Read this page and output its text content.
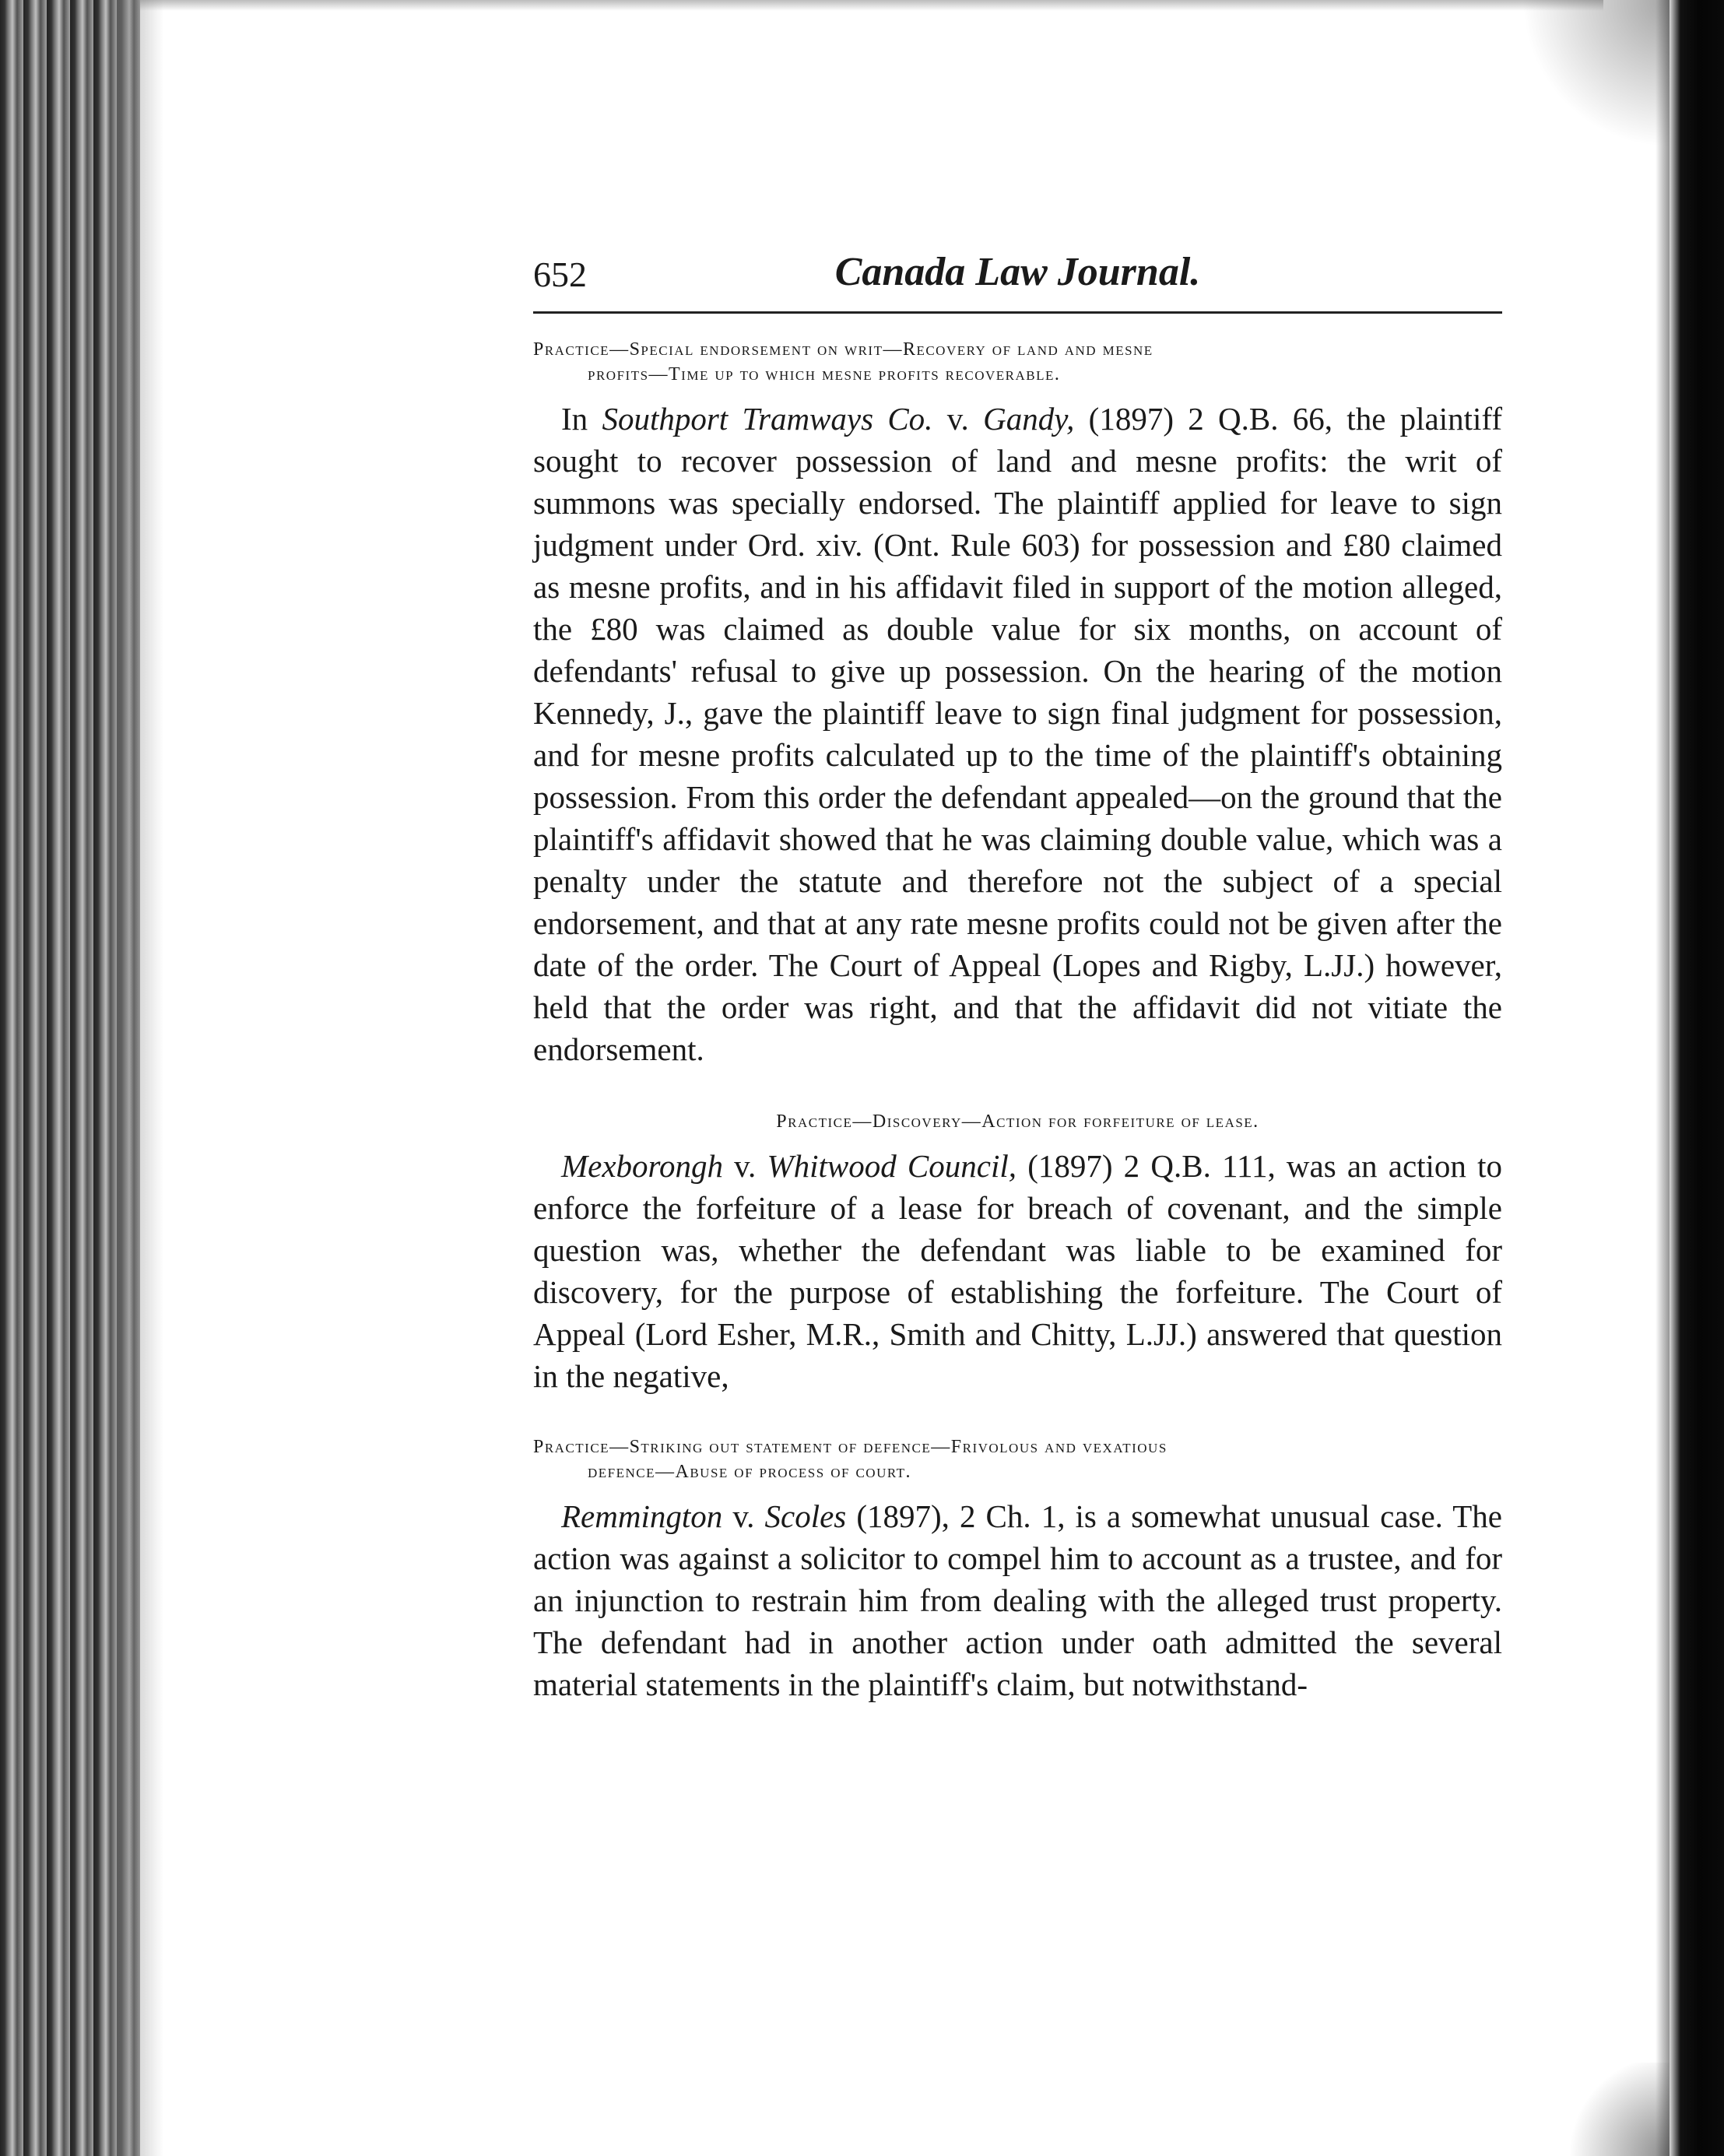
652	Canada Law Journal.
Practice—Special endorsement on writ—Recovery of land and mesne
profits—Time up to which mesne profits recoverable.

In Southport Tramways Co. v. Gandy, (1897) 2 Q.B. 66, the plaintiff sought to recover possession of land and mesne profits: the writ of summons was specially endorsed. The plaintiff applied for leave to sign judgment under Ord. xiv. (Ont. Rule 603) for possession and £80 claimed as mesne profits, and in his affidavit filed in support of the motion alleged, the £80 was claimed as double value for six months, on account of defendants' refusal to give up possession. On the hearing of the motion Kennedy, J., gave the plaintiff leave to sign final judgment for possession, and for mesne profits calculated up to the time of the plaintiff's obtaining possession. From this order the defendant appealed—on the ground that the plaintiff's affidavit showed that he was claiming double value, which was a penalty under the statute and therefore not the subject of a special endorsement, and that at any rate mesne profits could not be given after the date of the order. The Court of Appeal (Lopes and Rigby, L.JJ.) however, held that the order was right, and that the affidavit did not vitiate the endorsement.

Practice—Discovery—Action for forfeiture of lease.

Mexborongh v. Whitwood Council, (1897) 2 Q.B. 111, was an action to enforce the forfeiture of a lease for breach of covenant, and the simple question was, whether the defendant was liable to be examined for discovery, for the purpose of establishing the forfeiture. The Court of Appeal (Lord Esher, M.R., Smith and Chitty, L.JJ.) answered that question in the negative,

Practice—Striking out statement of defence—Frivolous and vexatious
defence—Abuse of process of court.

Remmington v. Scoles (1897), 2 Ch. 1, is a somewhat unusual case. The action was against a solicitor to compel him to account as a trustee, and for an injunction to restrain him from dealing with the alleged trust property. The defendant had in another action under oath admitted the several material statements in the plaintiff's claim, but notwithstand-
